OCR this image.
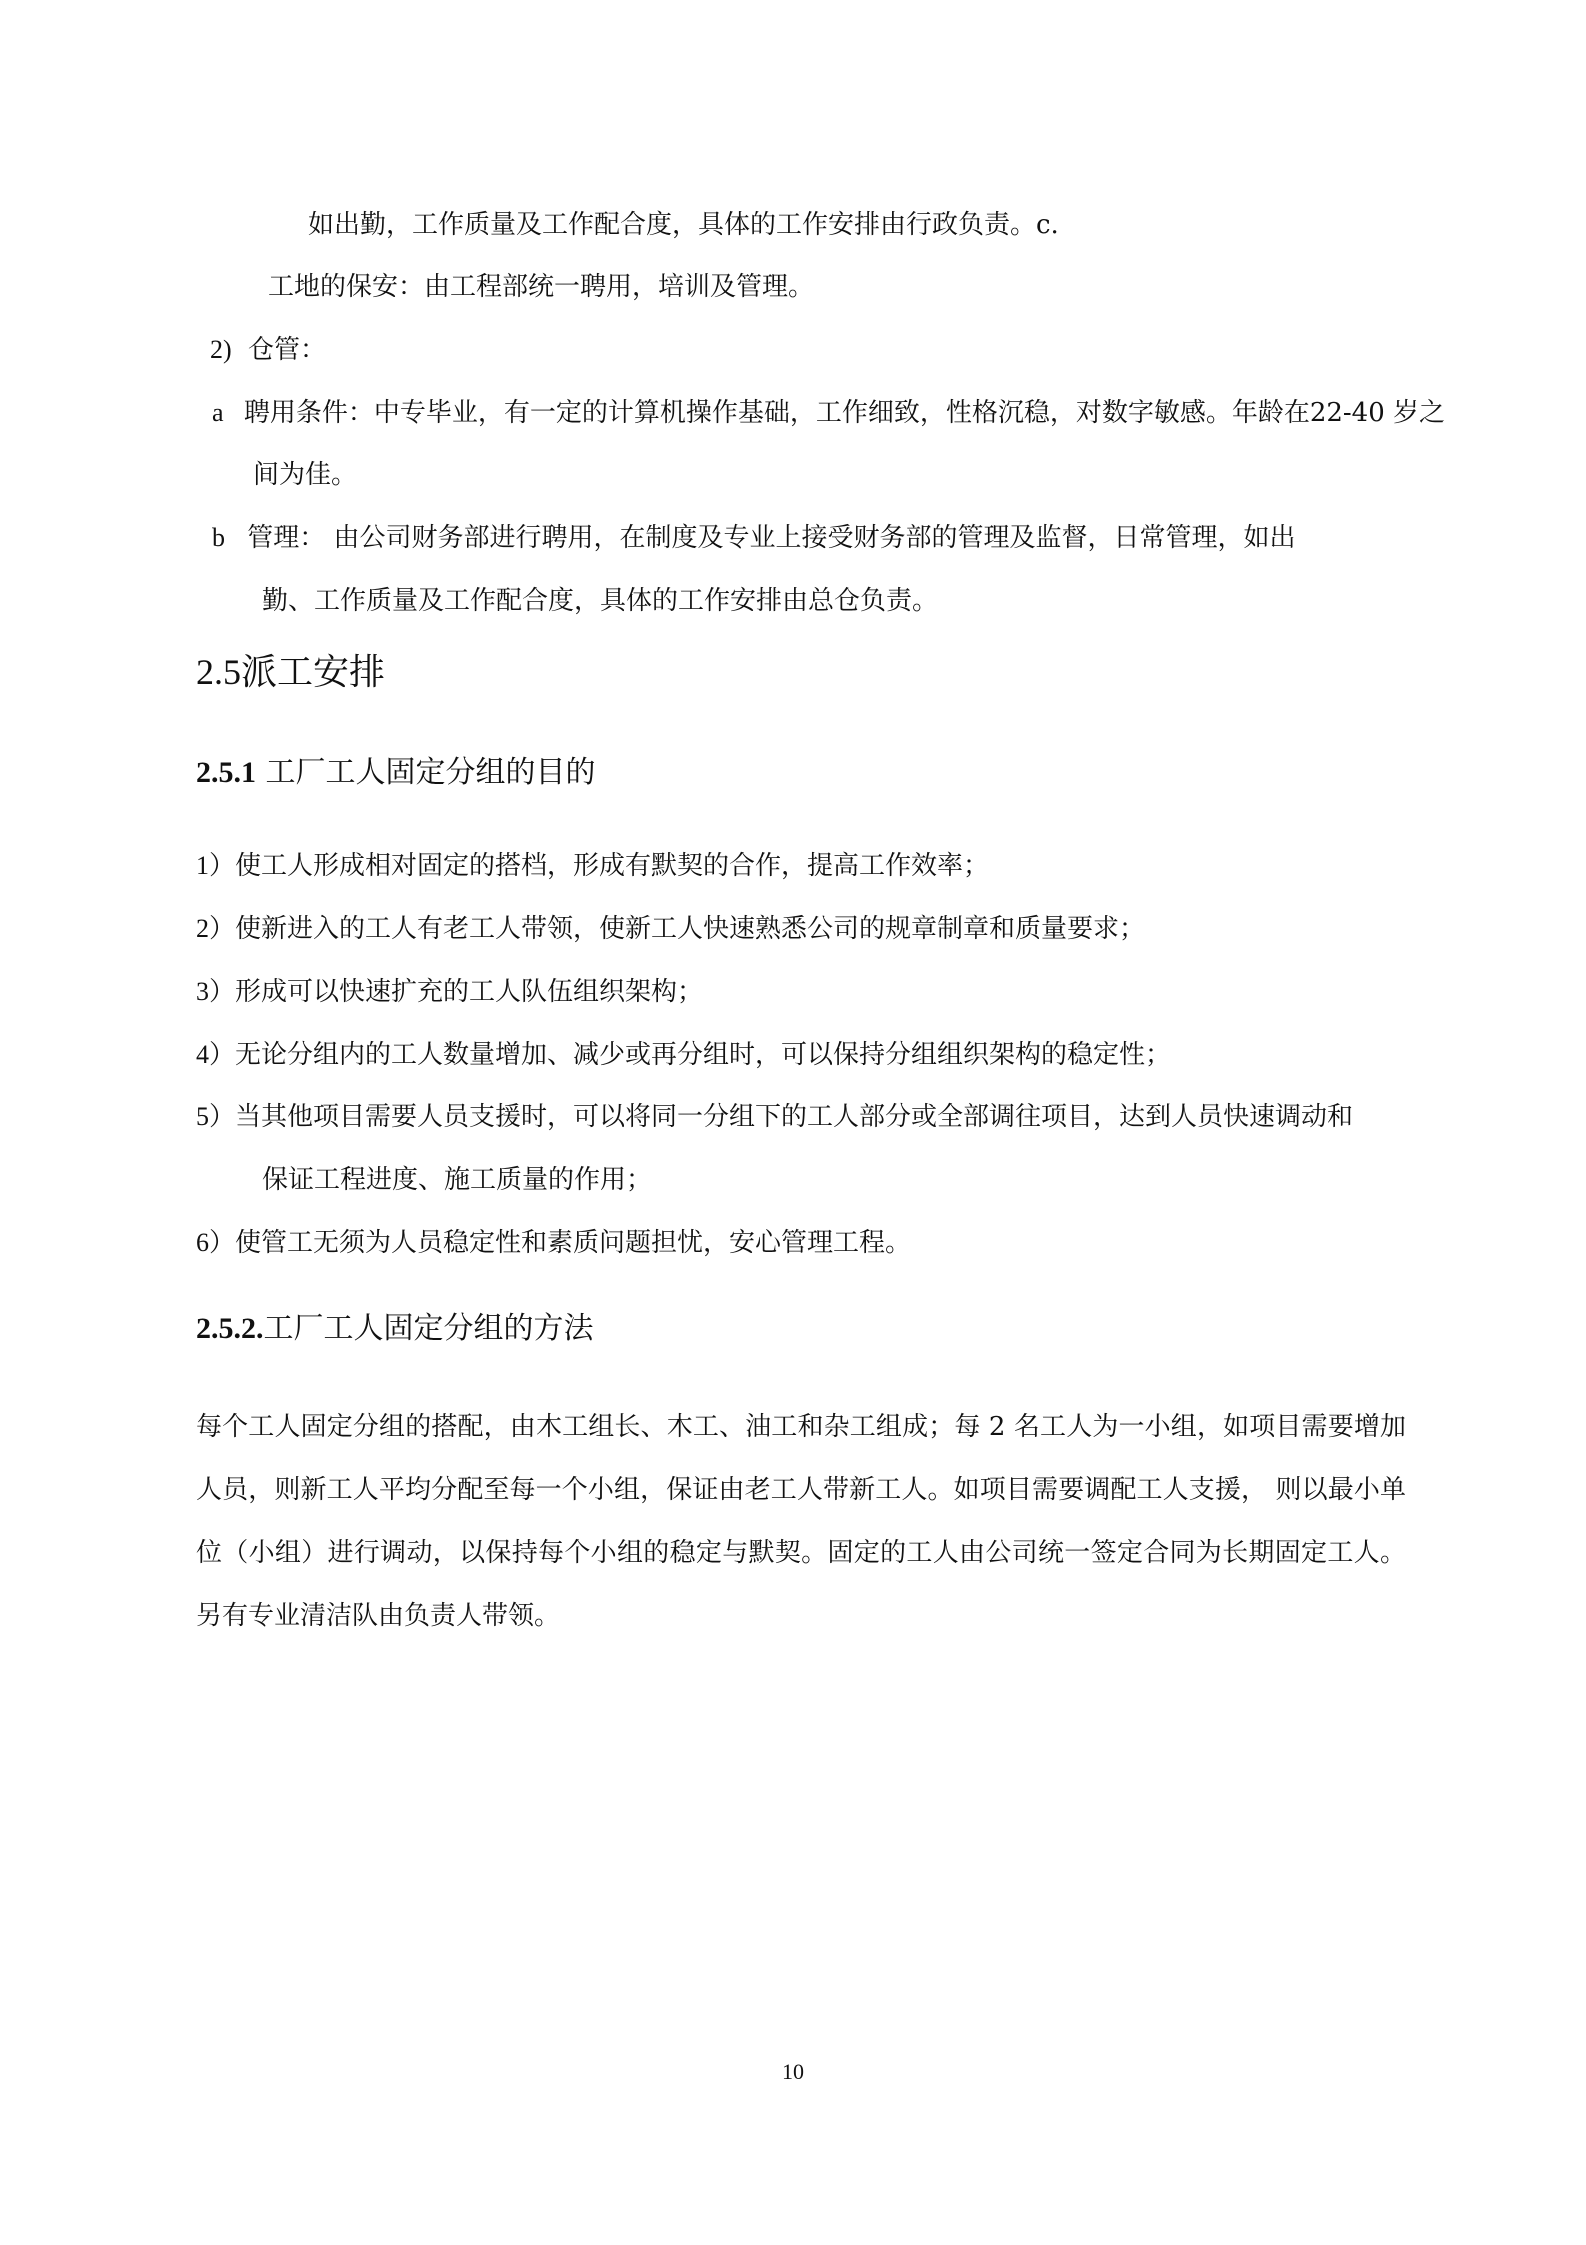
如出勤，工作质量及工作配合度，具体的工作安排由行政负责。c.
工地的保安：由工程部统一聘用，培训及管理。
2) 仓管：
a 聘用条件：中专毕业，有一定的计算机操作基础，工作细致，性格沉稳，对数字敏感。年龄在22-40 岁之
间为佳。
b 管理： 由公司财务部进行聘用，在制度及专业上接受财务部的管理及监督，日常管理，如出
勤、工作质量及工作配合度，具体的工作安排由总仓负责。
2.5派工安排
2.5.1 工厂工人固定分组的目的
1）使工人形成相对固定的搭档，形成有默契的合作，提高工作效率；
2）使新进入的工人有老工人带领，使新工人快速熟悉公司的规章制章和质量要求；
3）形成可以快速扩充的工人队伍组织架构；
4）无论分组内的工人数量增加、减少或再分组时，可以保持分组组织架构的稳定性；
5）当其他项目需要人员支援时，可以将同一分组下的工人部分或全部调往项目，达到人员快速调动和
保证工程进度、施工质量的作用；
6）使管工无须为人员稳定性和素质问题担忧，安心管理工程。
2.5.2.工厂工人固定分组的方法
每个工人固定分组的搭配，由木工组长、木工、油工和杂工组成；每 2 名工人为一小组，如项目需要增加人员，则新工人平均分配至每一个小组，保证由老工人带新工人。如项目需要调配工人支援， 则以最小单位（小组）进行调动，以保持每个小组的稳定与默契。固定的工人由公司统一签定合同为长期固定工人。另有专业清洁队由负责人带领。
10
